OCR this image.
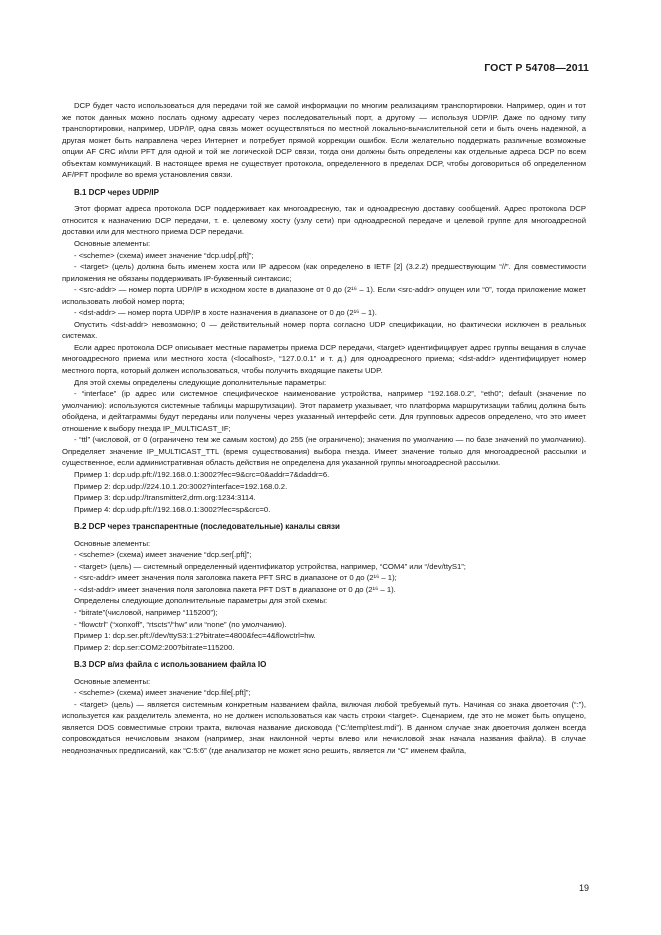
ГОСТ Р 54708—2011

DCP будет часто использоваться для передачи той же самой информации по многим реализациям транспортировки. Например, один и тот же поток данных можно послать одному адресату через последовательный порт, а другому — используя UDP/IP. Даже по одному типу транспортировки, например, UDP/IP, одна связь может осуществляться по местной локально-вычислительной сети и быть очень надежной, а другая может быть направлена через Интернет и потребует прямой коррекции ошибок. Если желательно поддержать различные возможные опции AF CRC и/или PFT для одной и той же логической DCP связи, тогда они должны быть определены как отдельные адреса DCP по всем объектам коммуникаций. В настоящее время не существует протокола, определенного в пределах DCP, чтобы договориться об определенном AF/PFT профиле во время установления связи.

B.1 DCP через UDP/IP

Этот формат адреса протокола DCP поддерживает как многоадресную, так и одноадресную доставку сообщений. Адрес протокола DCP относится к назначению DCP передачи, т. е. целевому хосту (узлу сети) при одноадресной передаче и целевой группе для многоадресной доставки или для местного приема DCP передачи.

Основные элементы:

- <scheme> (схема) имеет значение “dcp.udp[.pft]”;

- <target> (цель) должна быть именем хоста или IP адресом (как определено в IETF [2] (3.2.2) предшествующим “//”. Для совместимости приложения не обязаны поддерживать IP-буквенный синтаксис;

- <src-addr> — номер порта UDP/IP в исходном хосте в диапазоне от 0 до (2¹⁶ – 1). Если <src-addr> опущен или “0”, тогда приложение может использовать любой номер порта;

- <dst-addr> — номер порта UDP/IP в хосте назначения в диапазоне от 0 до (2¹⁶ – 1).

Опустить <dst-addr> невозможно; 0 — действительный номер порта согласно UDP спецификации, но фактически исключен в реальных системах.

Если адрес протокола DCP описывает местные параметры приема DCP передачи, <target> идентифицирует адрес группы вещания в случае многоадресного приема или местного хоста (<localhost>, “127.0.0.1” и т. д.) для одноадресного приема; <dst-addr> идентифицирует номер местного порта, который должен использоваться, чтобы получить входящие пакеты UDP.

Для этой схемы определены следующие дополнительные параметры:

- “interface” (ip адрес или системное специфическое наименование устройства, например “192.168.0.2”, “eth0”; default (значение по умолчанию): используются системные таблицы маршрутизации). Этот параметр указывает, что платформа маршрутизации таблиц должна быть обойдена, и дейтаграммы будут переданы или получены через указанный интерфейс сети. Для групповых адресов определено, что это имеет отношение к выбору гнезда IP_MULTICAST_IF;

- “ttl” (числовой, от 0 (ограничено тем же самым хостом) до 255 (не ограничено); значения по умолчанию — по базе значений по умолчанию). Определяет значение IP_MULTICAST_TTL (время существования) выбора гнезда. Имеет значение только для многоадресной рассылки и существенное, если административная область действия не определена для указанной группы многоадресной рассылки.

Пример 1: dcp.udp.pft://192.168.0.1:3002?fec=9&crc=0&addr=7&daddr=6.

Пример 2: dcp.udp://224.10.1.20:3002?interface=192.168.0.2.

Пример 3: dcp.udp://transmitter2,drm.org:1234:3114.

Пример 4: dcp.udp.pft://192.168.0.1:3002?fec=sp&crc=0.

B.2 DCP через транспарентные (последовательные) каналы связи

Основные элементы:

- <scheme> (схема) имеет значение “dcp.ser[.pft]”;

- <target> (цель) — системный определенный идентификатор устройства, например, “COM4” или “/dev/ttyS1”;

- <src-addr> имеет значения поля заголовка пакета PFT SRC в диапазоне от 0 до (2¹⁶ – 1);

- <dst-addr> имеет значения поля заголовка пакета PFT DST в диапазоне от 0 до (2¹⁶ – 1).

Определены следующие дополнительные параметры для этой схемы:

- “bitrate”(числовой, например “115200”);

- “flowctrl” (“xonxoff”, “rtscts”/“hw” или “none” (по умолчанию).

Пример 1: dcp.ser.pft://dev/ttyS3:1:2?bitrate=4800&fec=4&flowctrl=hw.

Пример 2: dcp.ser:COM2:200?bitrate=115200.

B.3 DCP в/из файла с использованием файла IO

Основные элементы:

- <scheme> (схема) имеет значение “dcp.file[.pft]”;

- <target> (цель) — является системным конкретным названием файла, включая любой требуемый путь. Начиная со знака двоеточия (“:”), используется как разделитель элемента, но не должен использоваться как часть строки <target>. Сценарием, где это не может быть опущено, является DOS совместимые строки тракта, включая название дисковода (“C:\temp\test.mdi”). В данном случае знак двоеточия должен всегда сопровождаться нечисловым знаком (например, знак наклонной черты влево или нечисловой знак начала названия файла). В случае неоднозначных предписаний, как “C:5:6” (где анализатор не может ясно решить, является ли “C” именем файла,

19
